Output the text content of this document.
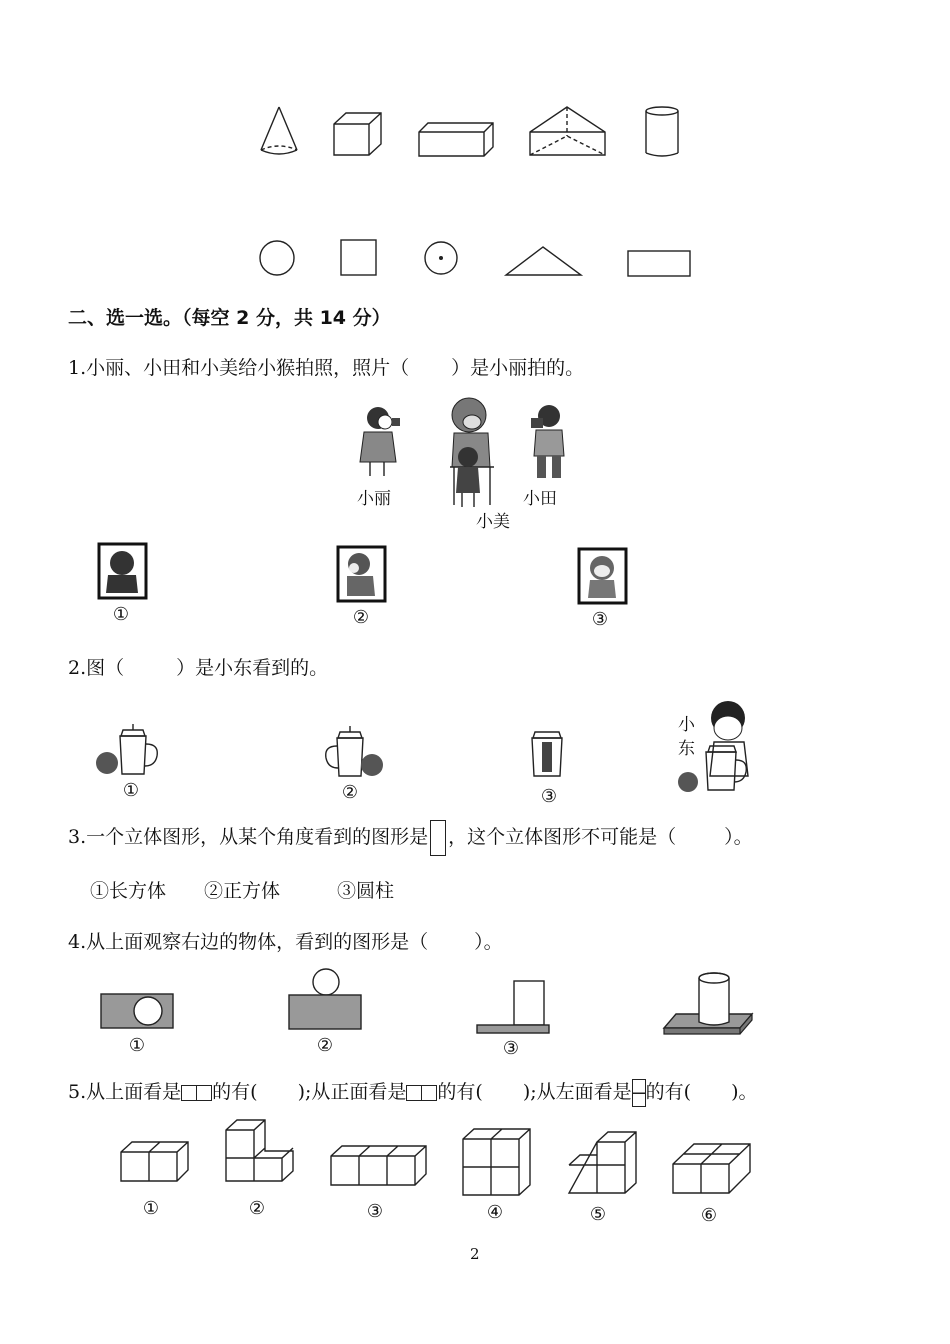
二、选一选。（每空 2 分，共 14 分）
1.小丽、小田和小美给小猴拍照，照片（ ）是小丽拍的。
小丽
小美
小田
①	②	③
2.图（	）是小东看到的。
①	②	③
小
东
3.一个立体图形，从某个角度看到的图形是 ，这个立体图形不可能是（	）。
①长方体　　②正方体　　　③圆柱
4.从上面观察右边的物体，看到的图形是（ ）。
①	②	③
5.从上面看是 的有( );从正面看是 的有( );从左面看是 的有( )。
①	②	③	④	⑤	⑥
2
